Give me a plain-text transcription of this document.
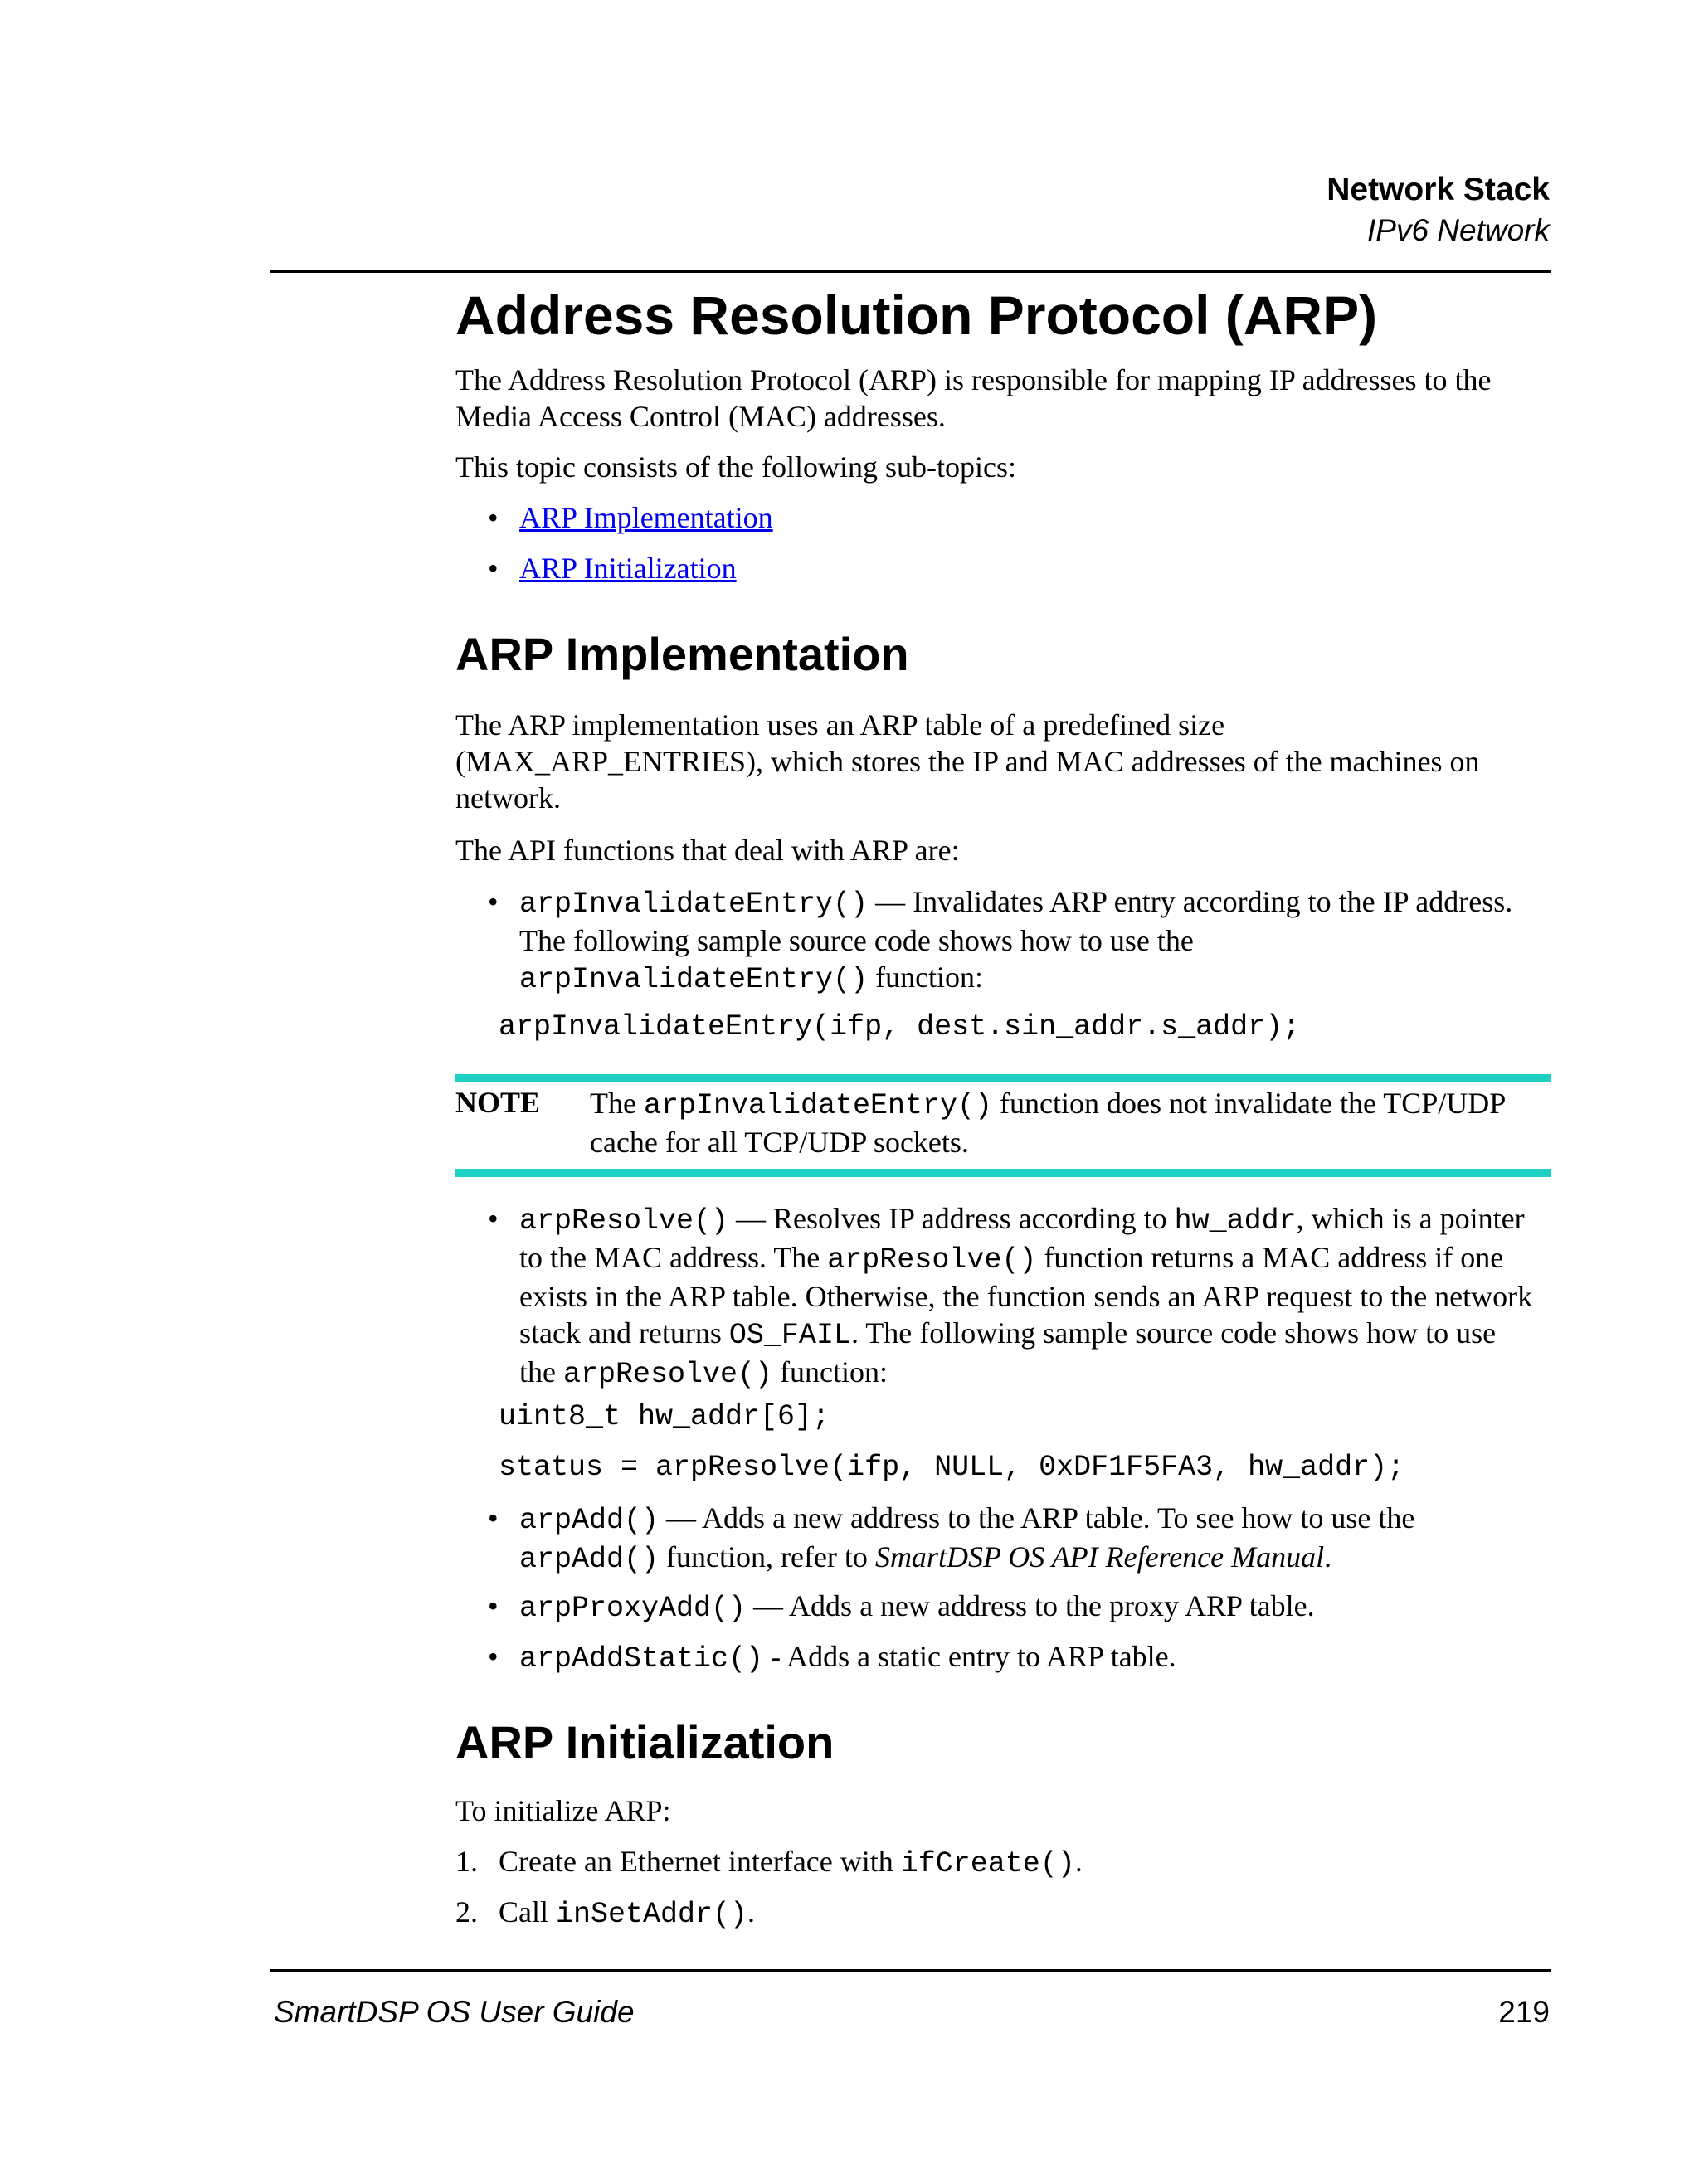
Network Stack
IPv6 Network
Address Resolution Protocol (ARP)
The Address Resolution Protocol (ARP) is responsible for mapping IP addresses to the Media Access Control (MAC) addresses.
This topic consists of the following sub-topics:
• ARP Implementation
• ARP Initialization
ARP Implementation
The ARP implementation uses an ARP table of a predefined size
(MAX_ARP_ENTRIES), which stores the IP and MAC addresses of the machines on
network.
The API functions that deal with ARP are:
• arpInvalidateEntry() — Invalidates ARP entry according to the IP address.
The following sample source code shows how to use the
arpInvalidateEntry() function:
arpInvalidateEntry(ifp, dest.sin_addr.s_addr);
NOTE The arpInvalidateEntry() function does not invalidate the TCP/UDP
cache for all TCP/UDP sockets.
• arpResolve() — Resolves IP address according to hw_addr, which is a pointer
to the MAC address. The arpResolve() function returns a MAC address if one
exists in the ARP table. Otherwise, the function sends an ARP request to the network
stack and returns OS_FAIL. The following sample source code shows how to use
the arpResolve() function:
uint8_t hw_addr[6];
status = arpResolve(ifp, NULL, 0xDF1F5FA3, hw_addr);
• arpAdd() — Adds a new address to the ARP table. To see how to use the
arpAdd() function, refer to SmartDSP OS API Reference Manual.
• arpProxyAdd() — Adds a new address to the proxy ARP table.
• arpAddStatic() - Adds a static entry to ARP table.
ARP Initialization
To initialize ARP:
1. Create an Ethernet interface with ifCreate().
2. Call inSetAddr().
SmartDSP OS User Guide	219
